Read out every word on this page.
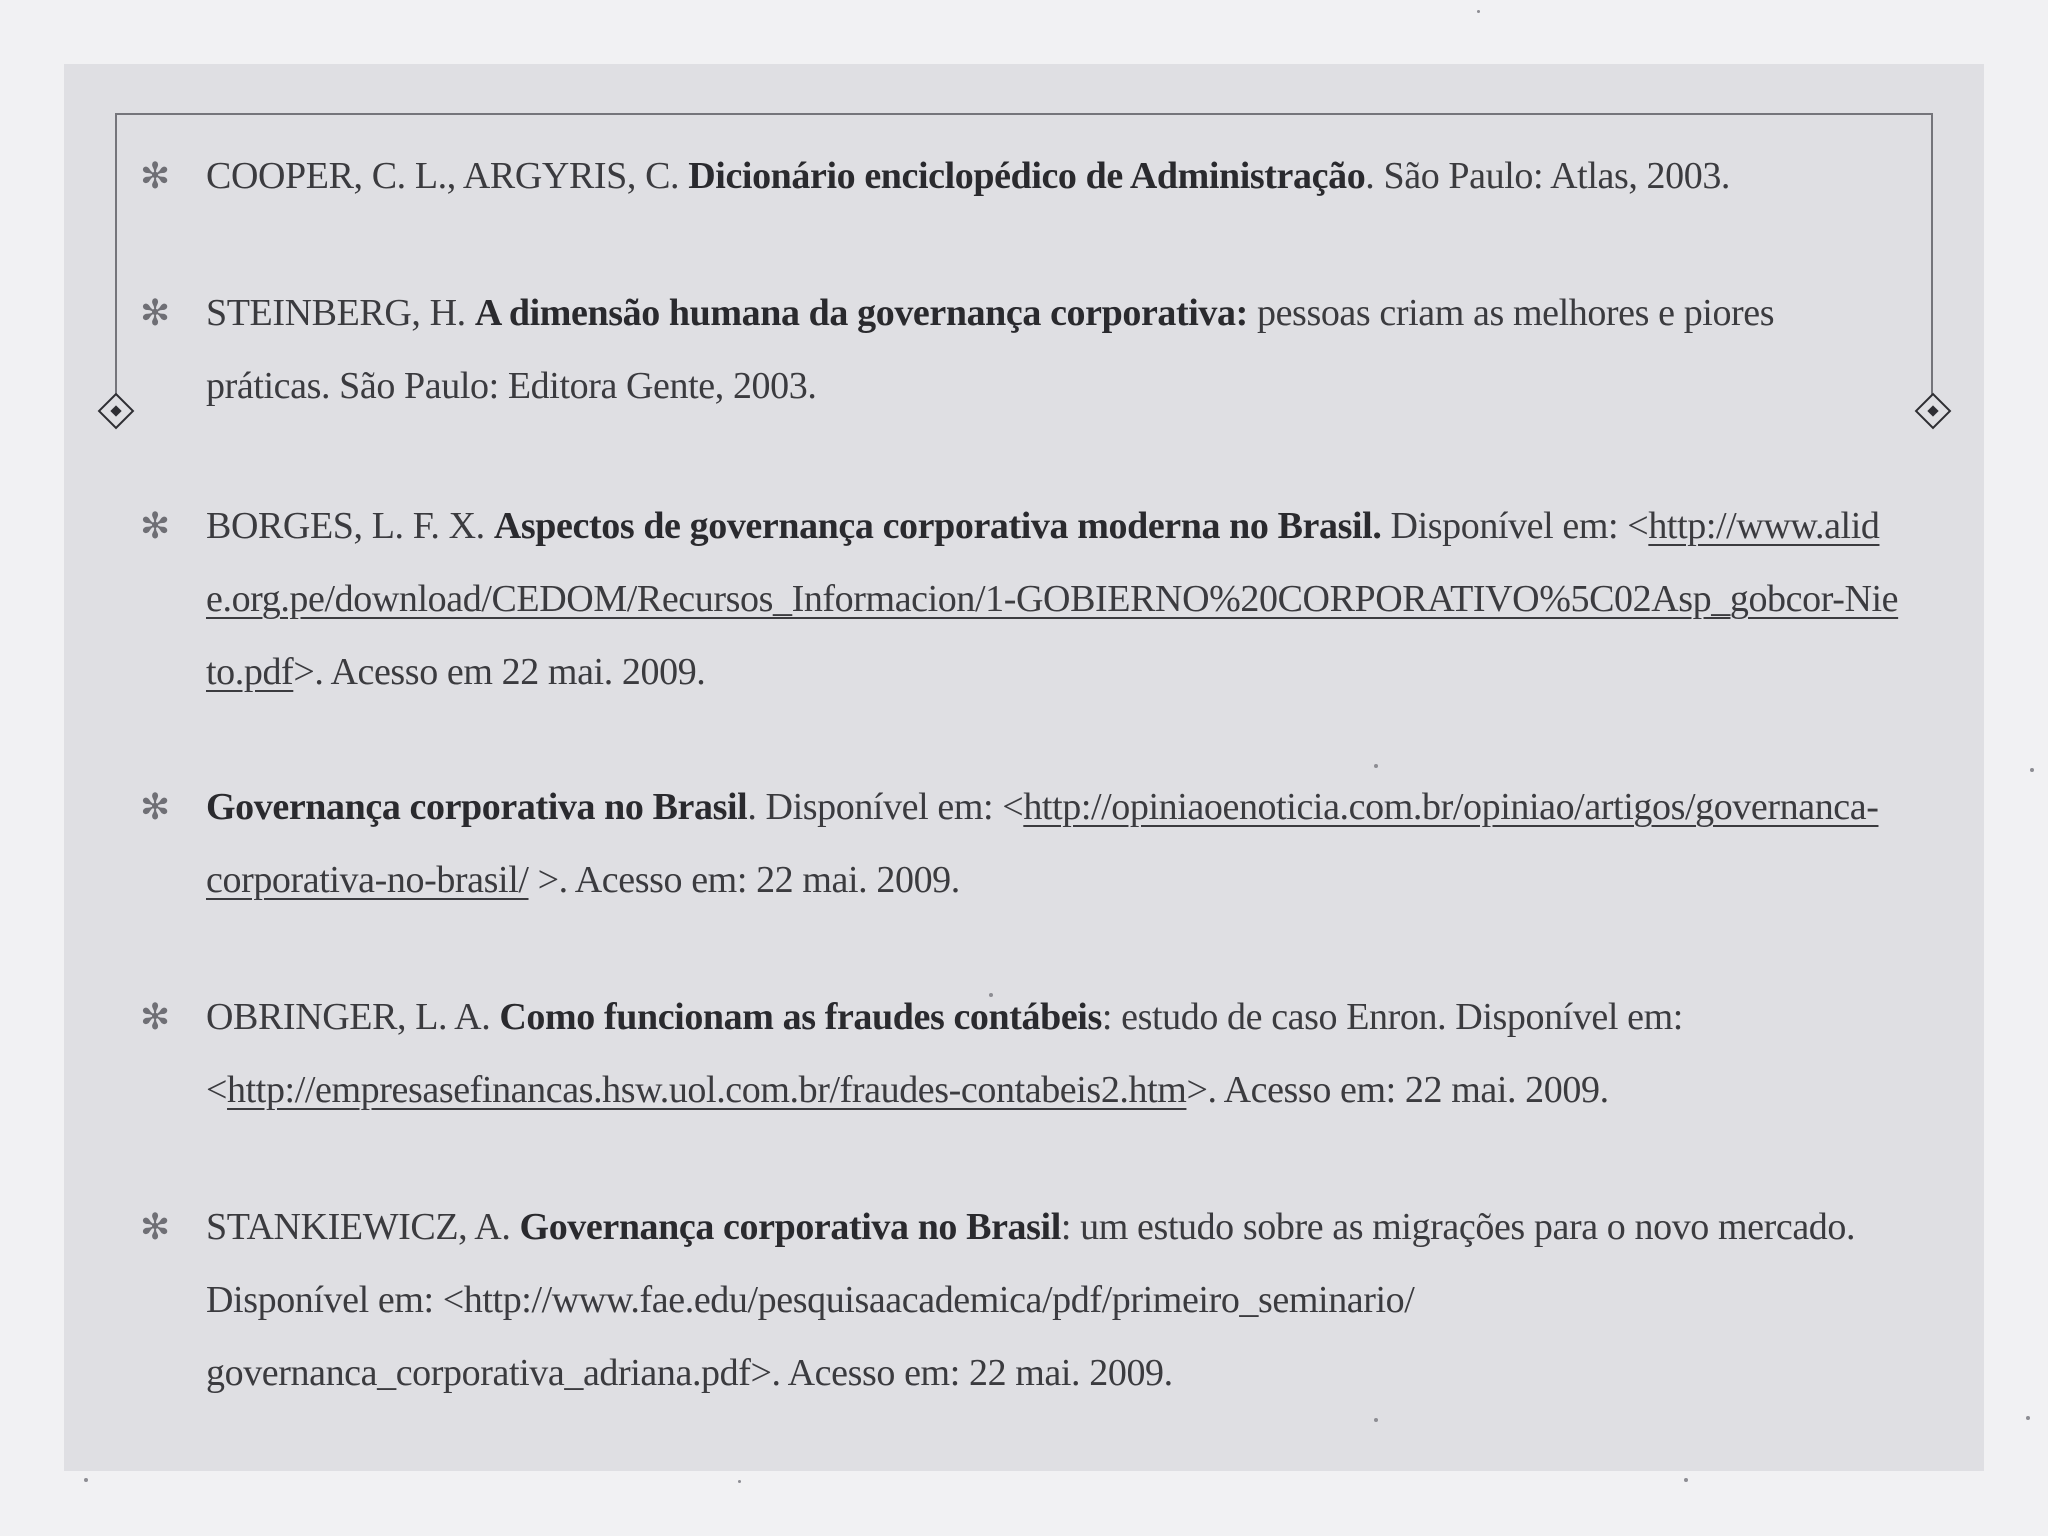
✻ COOPER, C. L., ARGYRIS, C. Dicionário enciclopédico de Administração. São Paulo: Atlas, 2003.
✻ STEINBERG, H. A dimensão humana da governança corporativa: pessoas criam as melhores e piores práticas. São Paulo: Editora Gente, 2003.
✻ BORGES, L. F. X. Aspectos de governança corporativa moderna no Brasil. Disponível em: <http://www.alide.org.pe/download/CEDOM/Recursos_Informacion/1-GOBIERNO%20CORPORATIVO%5C02Asp_gobcor-Nieto.pdf>. Acesso em 22 mai. 2009.
✻ Governança corporativa no Brasil. Disponível em: <http://opiniaoenoticia.com.br/opiniao/artigos/governanca-corporativa-no-brasil/ >. Acesso em: 22 mai. 2009.
✻ OBRINGER, L. A. Como funcionam as fraudes contábeis: estudo de caso Enron. Disponível em: <http://empresasefinancas.hsw.uol.com.br/fraudes-contabeis2.htm>. Acesso em: 22 mai. 2009.
✻ STANKIEWICZ, A. Governança corporativa no Brasil: um estudo sobre as migrações para o novo mercado. Disponível em: <http://www.fae.edu/pesquisaacademica/pdf/primeiro_seminario/ governanca_corporativa_adriana.pdf>. Acesso em: 22 mai. 2009.
